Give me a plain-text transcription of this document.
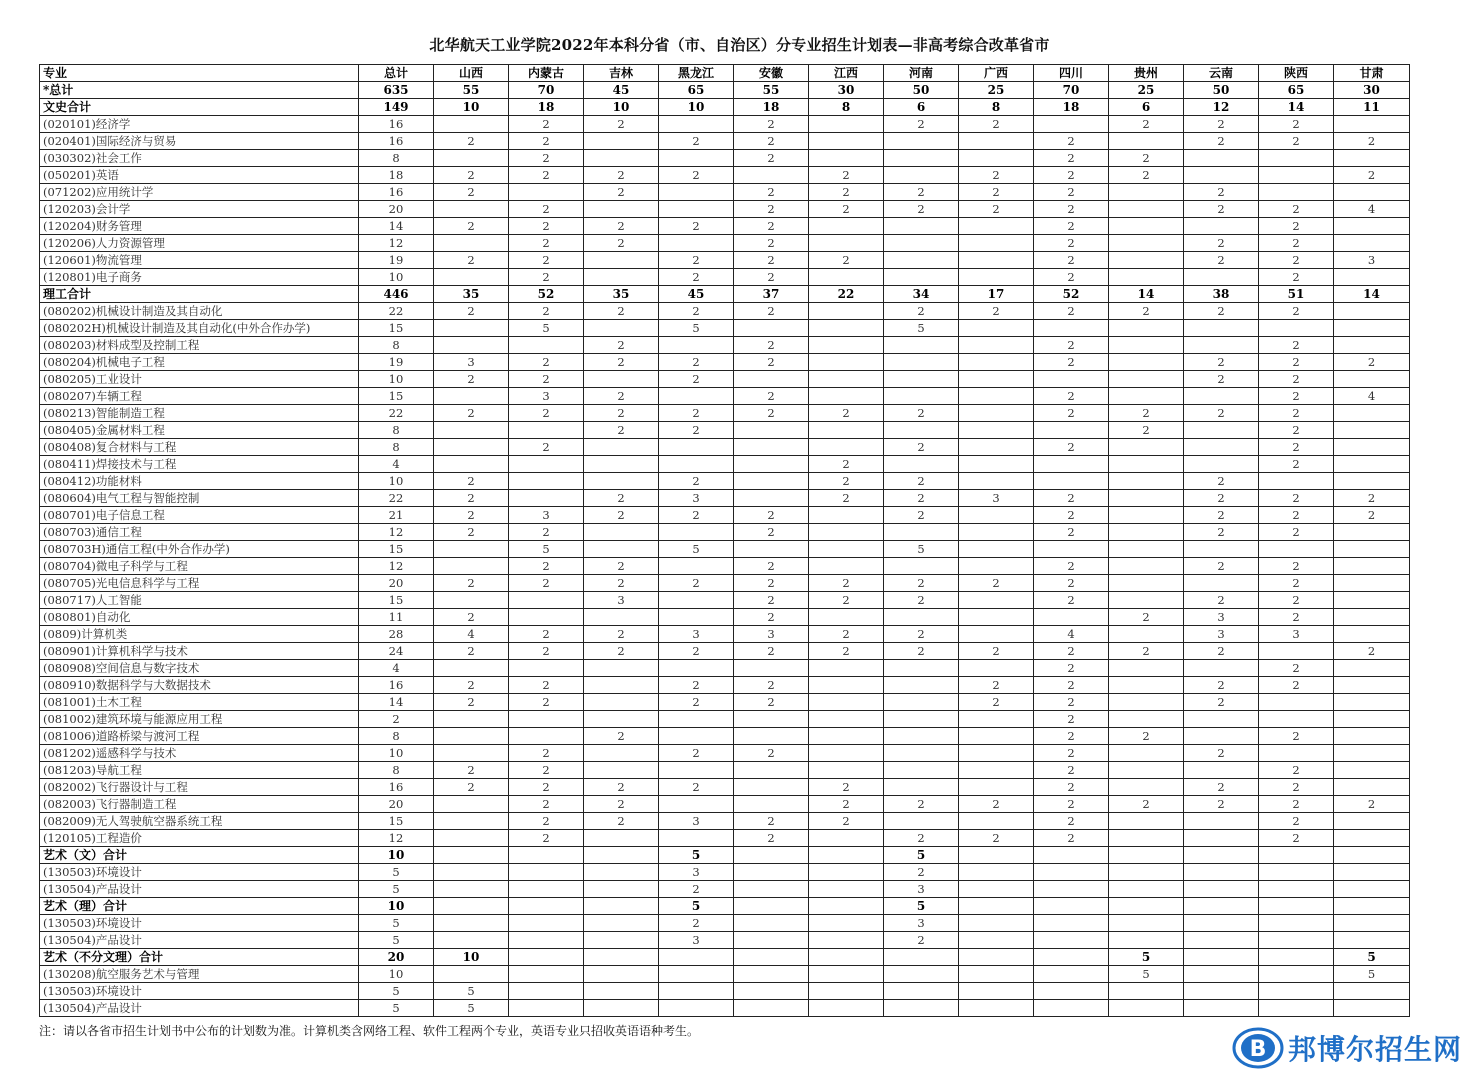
北华航天工业学院2022年本科分省（市、自治区）分专业招生计划表—非高考综合改革省市
专业	总计	山西	内蒙古	吉林	黑龙江	安徽	江西	河南	广西	四川	贵州	云南	陕西	甘肃
*总计	635	55	70	45	65	55	30	50	25	70	25	50	65	30
文史合计	149	10	18	10	10	18	8	6	8	18	6	12	14	11
(020101)经济学	16		2	2		2		2	2		2	2	2	
(020401)国际经济与贸易	16	2	2		2	2				2		2	2	2
(030302)社会工作	8		2			2				2	2			
(050201)英语	18	2	2	2	2		2		2	2	2			2
(071202)应用统计学	16	2		2		2	2	2	2	2		2		
(120203)会计学	20		2			2	2	2	2	2		2	2	4
(120204)财务管理	14	2	2	2	2	2				2			2	
(120206)人力资源管理	12		2	2		2				2		2	2	
(120601)物流管理	19	2	2		2	2	2			2		2	2	3
(120801)电子商务	10		2		2	2				2			2	
理工合计	446	35	52	35	45	37	22	34	17	52	14	38	51	14
(080202)机械设计制造及其自动化	22	2	2	2	2	2		2	2	2	2	2	2	
(080202H)机械设计制造及其自动化(中外合作办学)	15		5		5			5						
(080203)材料成型及控制工程	8			2		2				2			2	
(080204)机械电子工程	19	3	2	2	2	2				2		2	2	2
(080205)工业设计	10	2	2		2							2	2	
(080207)车辆工程	15		3	2		2				2			2	4
(080213)智能制造工程	22	2	2	2	2	2	2	2		2	2	2	2	
(080405)金属材料工程	8			2	2						2		2	
(080408)复合材料与工程	8		2					2		2			2	
(080411)焊接技术与工程	4						2						2	
(080412)功能材料	10	2			2		2	2				2		
(080604)电气工程与智能控制	22	2		2	3		2	2	3	2		2	2	2
(080701)电子信息工程	21	2	3	2	2	2		2		2		2	2	2
(080703)通信工程	12	2	2			2				2		2	2	
(080703H)通信工程(中外合作办学)	15		5		5			5						
(080704)微电子科学与工程	12		2	2		2				2		2	2	
(080705)光电信息科学与工程	20	2	2	2	2	2	2	2	2	2			2	
(080717)人工智能	15			3		2	2	2		2		2	2	
(080801)自动化	11	2				2					2	3	2	
(0809)计算机类	28	4	2	2	3	3	2	2		4		3	3	
(080901)计算机科学与技术	24	2	2	2	2	2	2	2	2	2	2	2		2
(080908)空间信息与数字技术	4									2			2	
(080910)数据科学与大数据技术	16	2	2		2	2			2	2		2	2	
(081001)土木工程	14	2	2		2	2			2	2		2		
(081002)建筑环境与能源应用工程	2									2				
(081006)道路桥梁与渡河工程	8			2						2	2		2	
(081202)遥感科学与技术	10		2		2	2				2		2		
(081203)导航工程	8	2	2							2			2	
(082002)飞行器设计与工程	16	2	2	2	2		2			2		2	2	
(082003)飞行器制造工程	20		2	2			2	2	2	2	2	2	2	2
(082009)无人驾驶航空器系统工程	15		2	2	3	2	2			2			2	
(120105)工程造价	12		2			2		2	2	2			2	
艺术（文）合计	10				5			5						
(130503)环境设计	5				3			2						
(130504)产品设计	5				2			3						
艺术（理）合计	10				5			5						
(130503)环境设计	5				2			3						
(130504)产品设计	5				3			2						
艺术（不分文理）合计	20	10									5			5
(130208)航空服务艺术与管理	10										5			5
(130503)环境设计	5	5												
(130504)产品设计	5	5												
注：请以各省市招生计划书中公布的计划数为准。计算机类含网络工程、软件工程两个专业，英语专业只招收英语语种考生。
B 邦博尔招生网
